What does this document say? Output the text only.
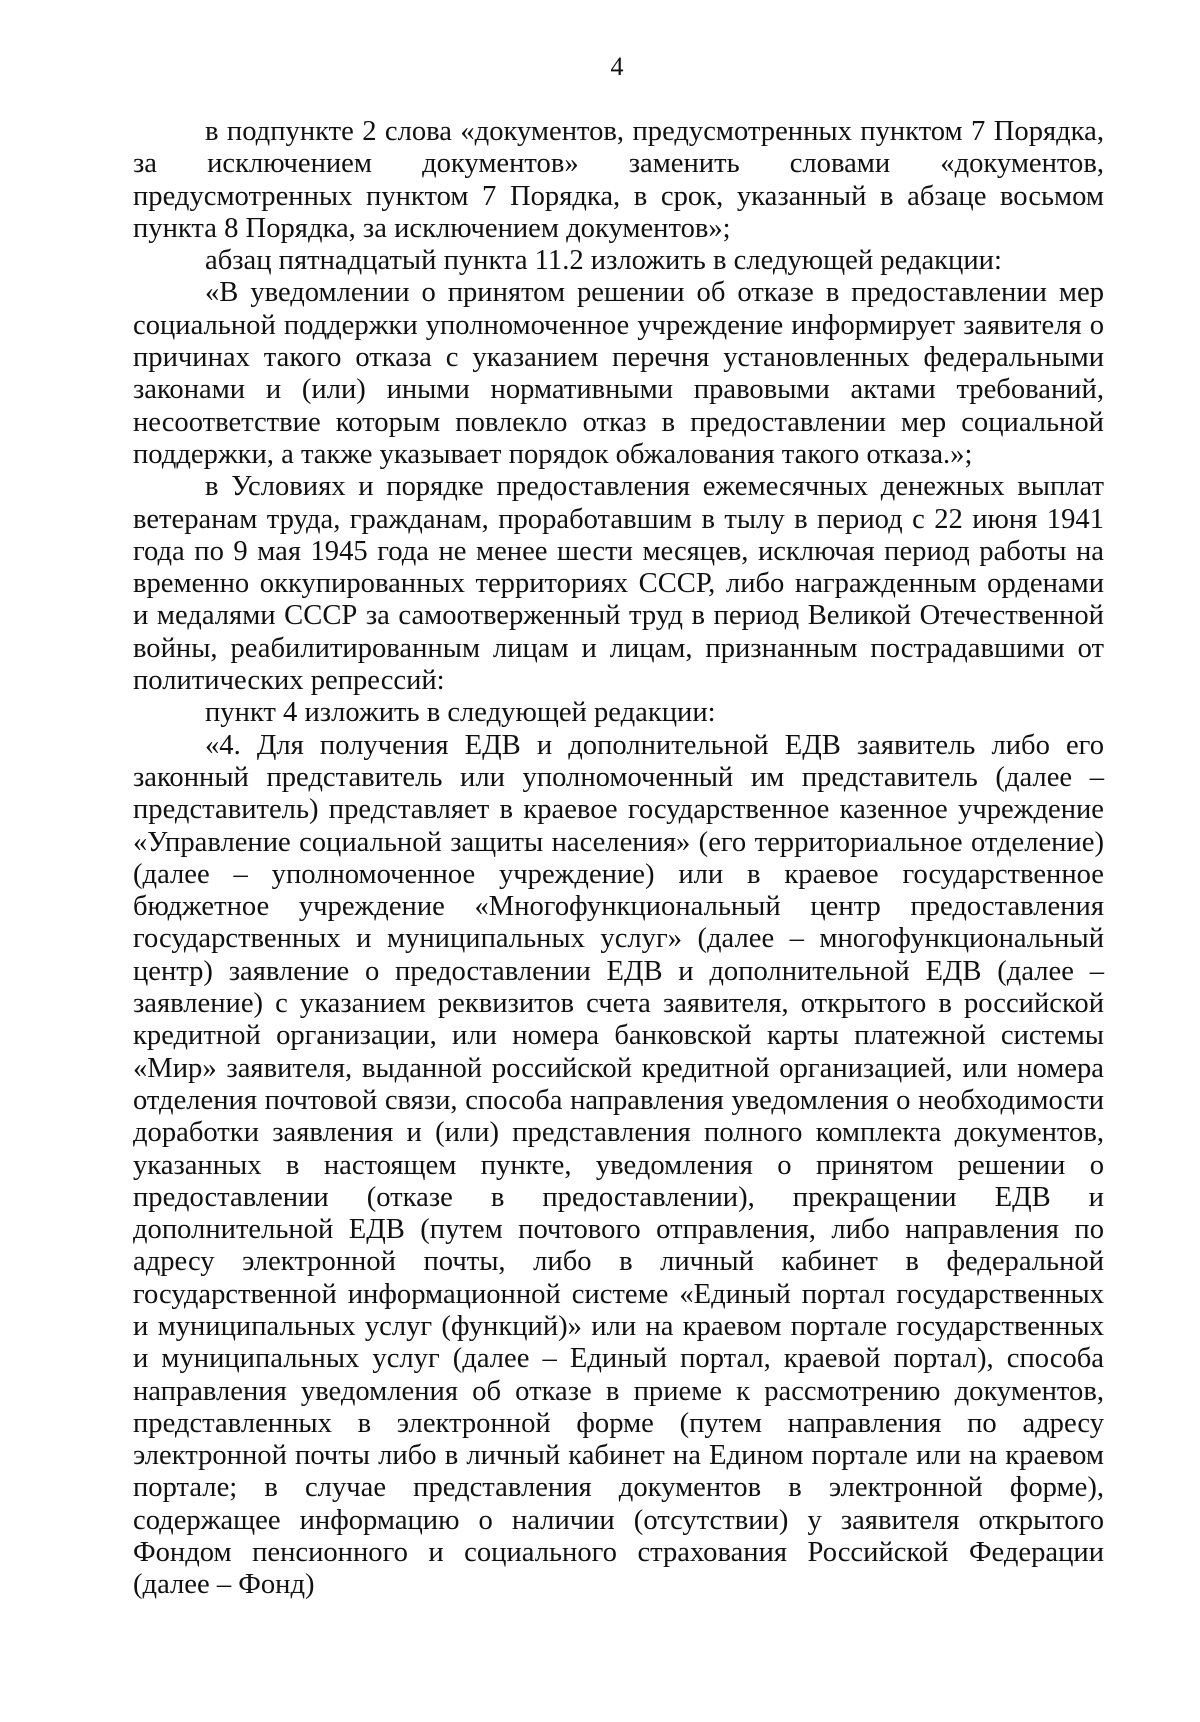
4

в подпункте 2 слова «документов, предусмотренных пунктом 7 Порядка, за исключением документов» заменить словами «документов, предусмотренных пунктом 7 Порядка, в срок, указанный в абзаце восьмом пункта 8 Порядка, за исключением документов»;

абзац пятнадцатый пункта 11.2 изложить в следующей редакции:

«В уведомлении о принятом решении об отказе в предоставлении мер социальной поддержки уполномоченное учреждение информирует заявителя о причинах такого отказа с указанием перечня установленных федеральными законами и (или) иными нормативными правовыми актами требований, несоответствие которым повлекло отказ в предоставлении мер социальной поддержки, а также указывает порядок обжалования такого отказа.»;

в Условиях и порядке предоставления ежемесячных денежных выплат ветеранам труда, гражданам, проработавшим в тылу в период с 22 июня 1941 года по 9 мая 1945 года не менее шести месяцев, исключая период работы на временно оккупированных территориях СССР, либо награжденным орденами и медалями СССР за самоотверженный труд в период Великой Отечественной войны, реабилитированным лицам и лицам, признанным пострадавшими от политических репрессий:

пункт 4 изложить в следующей редакции:

«4. Для получения ЕДВ и дополнительной ЕДВ заявитель либо его законный представитель или уполномоченный им представитель (далее – представитель) представляет в краевое государственное казенное учреждение «Управление социальной защиты населения» (его территориальное отделение) (далее – уполномоченное учреждение) или в краевое государственное бюджетное учреждение «Многофункциональный центр предоставления государственных и муниципальных услуг» (далее – многофункциональный центр) заявление о предоставлении ЕДВ и дополнительной ЕДВ (далее – заявление) с указанием реквизитов счета заявителя, открытого в российской кредитной организации, или номера банковской карты платежной системы «Мир» заявителя, выданной российской кредитной организацией, или номера отделения почтовой связи, способа направления уведомления о необходимости доработки заявления и (или) представления полного комплекта документов, указанных в настоящем пункте, уведомления о принятом решении о предоставлении (отказе в предоставлении), прекращении ЕДВ и дополнительной ЕДВ (путем почтового отправления, либо направления по адресу электронной почты, либо в личный кабинет в федеральной государственной информационной системе «Единый портал государственных и муниципальных услуг (функций)» или на краевом портале государственных и муниципальных услуг (далее – Единый портал, краевой портал), способа направления уведомления об отказе в приеме к рассмотрению документов, представленных в электронной форме (путем направления по адресу электронной почты либо в личный кабинет на Едином портале или на краевом портале; в случае представления документов в электронной форме), содержащее информацию о наличии (отсутствии) у заявителя открытого Фондом пенсионного и социального страхования Российской Федерации (далее – Фонд)
